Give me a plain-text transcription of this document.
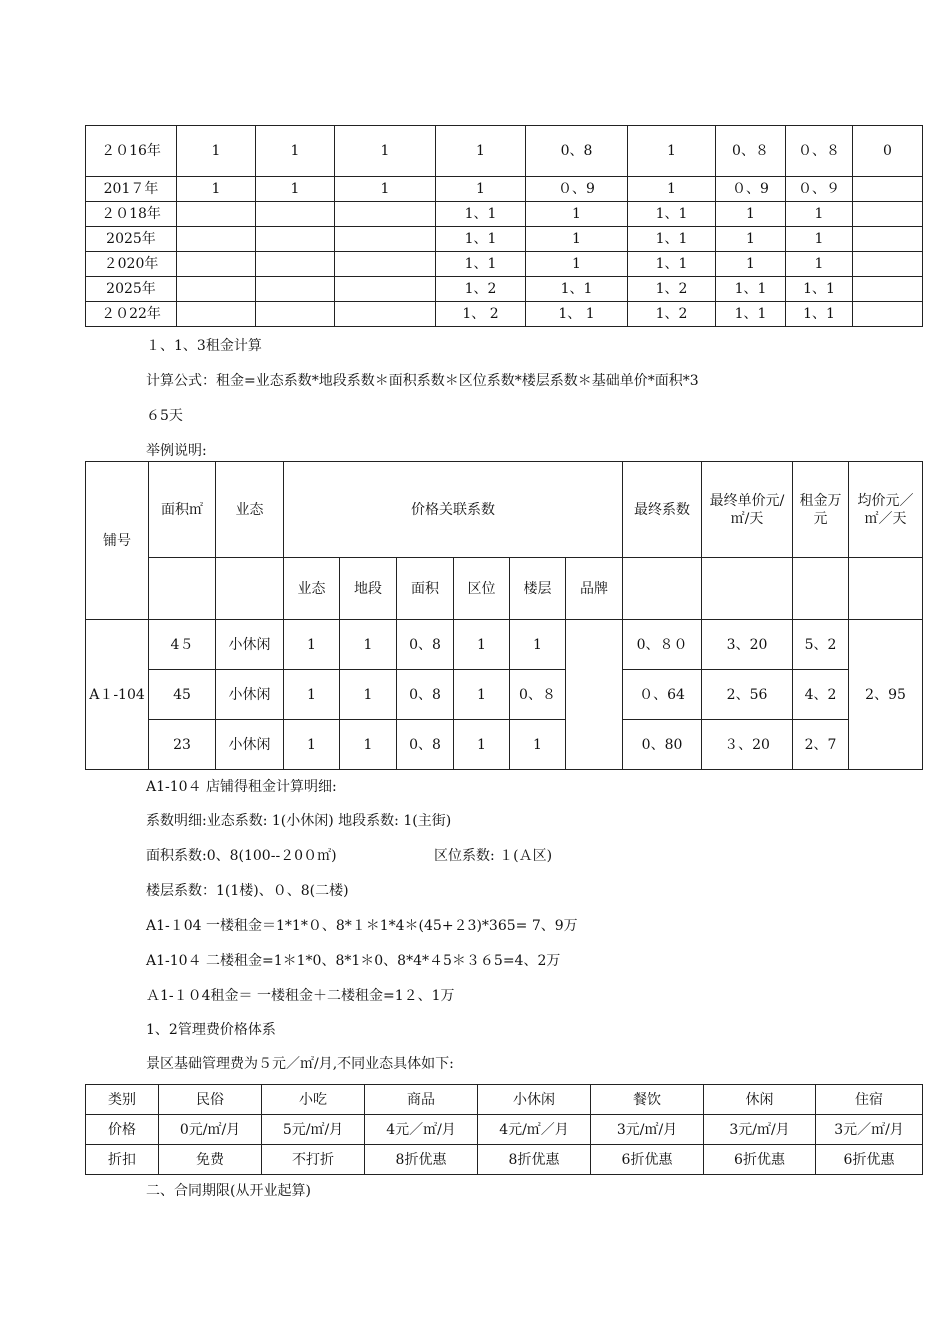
２０16年	1	1	1	1	0、8	1	0、８	０、８	0
201７年	1	1	1	1	０、9	1	０、9	０、９	
２０18年				1、1	1	1、1	1	1	
2025年				1、1	1	1、1	1	1	
２020年				1、1	1	1、1	1	1	
2025年				1、2	1、1	1、2	1、1	1、1	
２０22年				1、 2	1、 1	1、2	1、1	1、1	
１、1、3租金计算
计算公式：租金=业态系数*地段系数＊面积系数＊区位系数*楼层系数＊基础单价*面积*3
６5天
举例说明:
铺号	面积㎡	业态	价格关联系数						最终系数	最终单价元/㎡/天	租金万元	均价元／㎡／天
			业态	地段	面积	区位	楼层	品牌				
A１-104	4５	小休闲	1	1	0、8	1	1		0、８０	3、20	5、2	2、95
	45	小休闲	1	1	0、8	1	0、８		０、64	2、56	4、2	
	23	小休闲	1	1	0、8	1	1		0、80	３、20	2、7	
A1-10４ 店铺得租金计算明细:
系数明细:业态系数: 1(小休闲) 地段系数: 1(主街)
面积系数:0、8(100--２0０㎡)	区位系数: １(Ａ区)
楼层系数：1(1楼)、０、8(二楼)
A1-１04 一楼租金＝1*1*０、8*１＊1*4＊(45+２3)*365= 7、9万
A1-10４ 二楼租金=1＊1*0、8*1＊0、8*4*４5＊３６5=4、2万
Ａ1-１０4租金＝ 一楼租金＋二楼租金=1２、1万
1、2管理费价格体系
景区基础管理费为５元／㎡/月,不同业态具体如下:
类别	民俗	小吃	商品	小休闲	餐饮	休闲	住宿
价格	0元/㎡/月	5元/㎡/月	4元／㎡/月	4元/㎡／月	3元/㎡/月	3元/㎡/月	3元／㎡/月
折扣	免费	不打折	8折优惠	8折优惠	6折优惠	6折优惠	6折优惠
二、合同期限(从开业起算)
